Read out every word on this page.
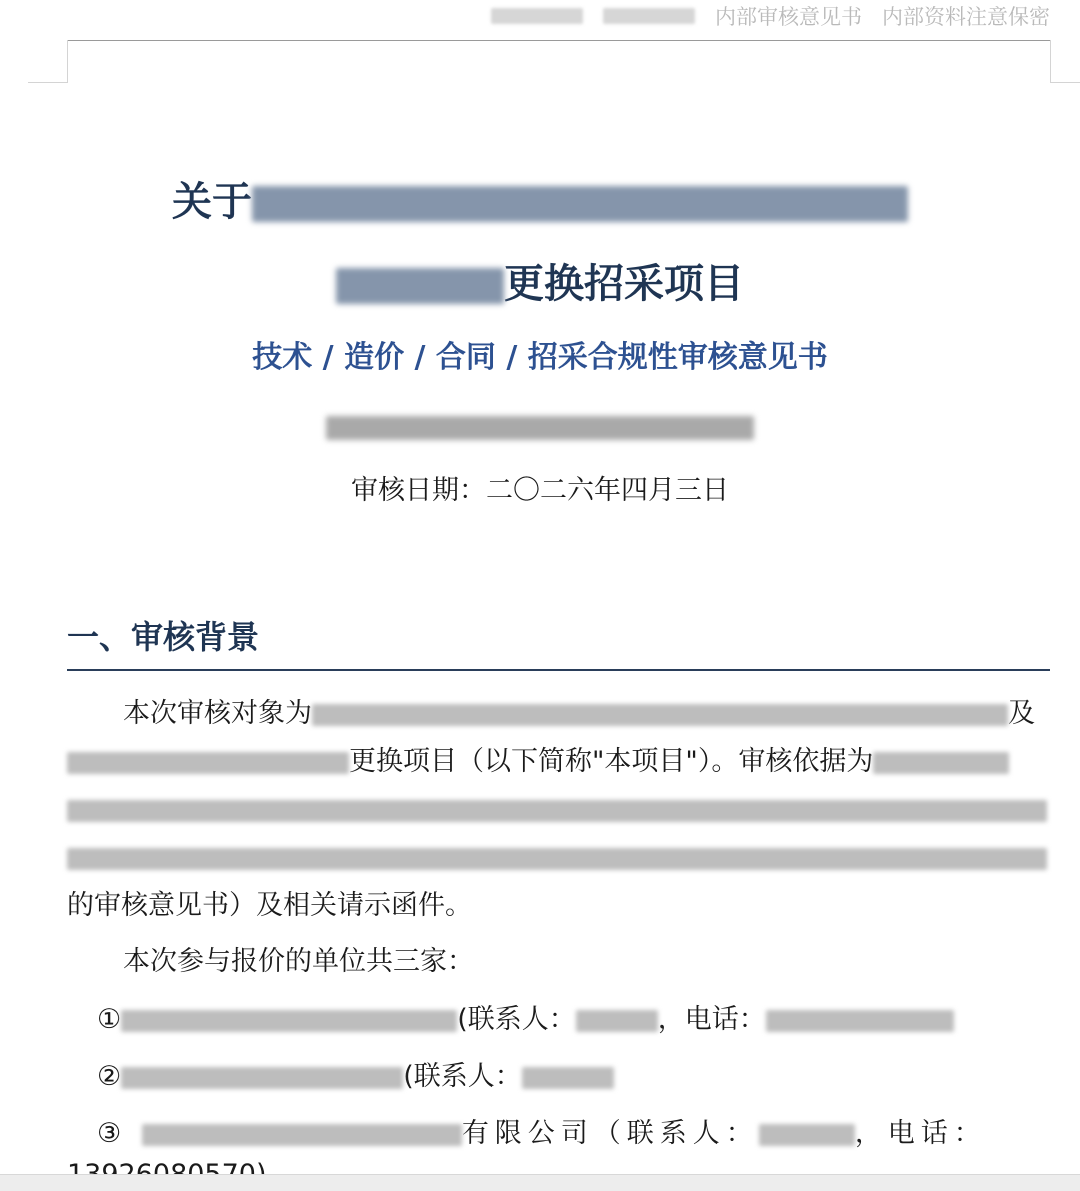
内部审核意见书 内部资料注意保密
关于
更换招采项目
技术 / 造价 / 合同 / 招采合规性审核意见书
审核日期：二〇二六年四月三日
一、审核背景
本次审核对象为	及更换项目（以下简称"本项目"）。审核依据为的审核意见书）及相关请示函件。
本次参与报价的单位共三家：
①	(联系人：	，电话：
②	(联系人：
③	有限公司（联系人：	，电话：
